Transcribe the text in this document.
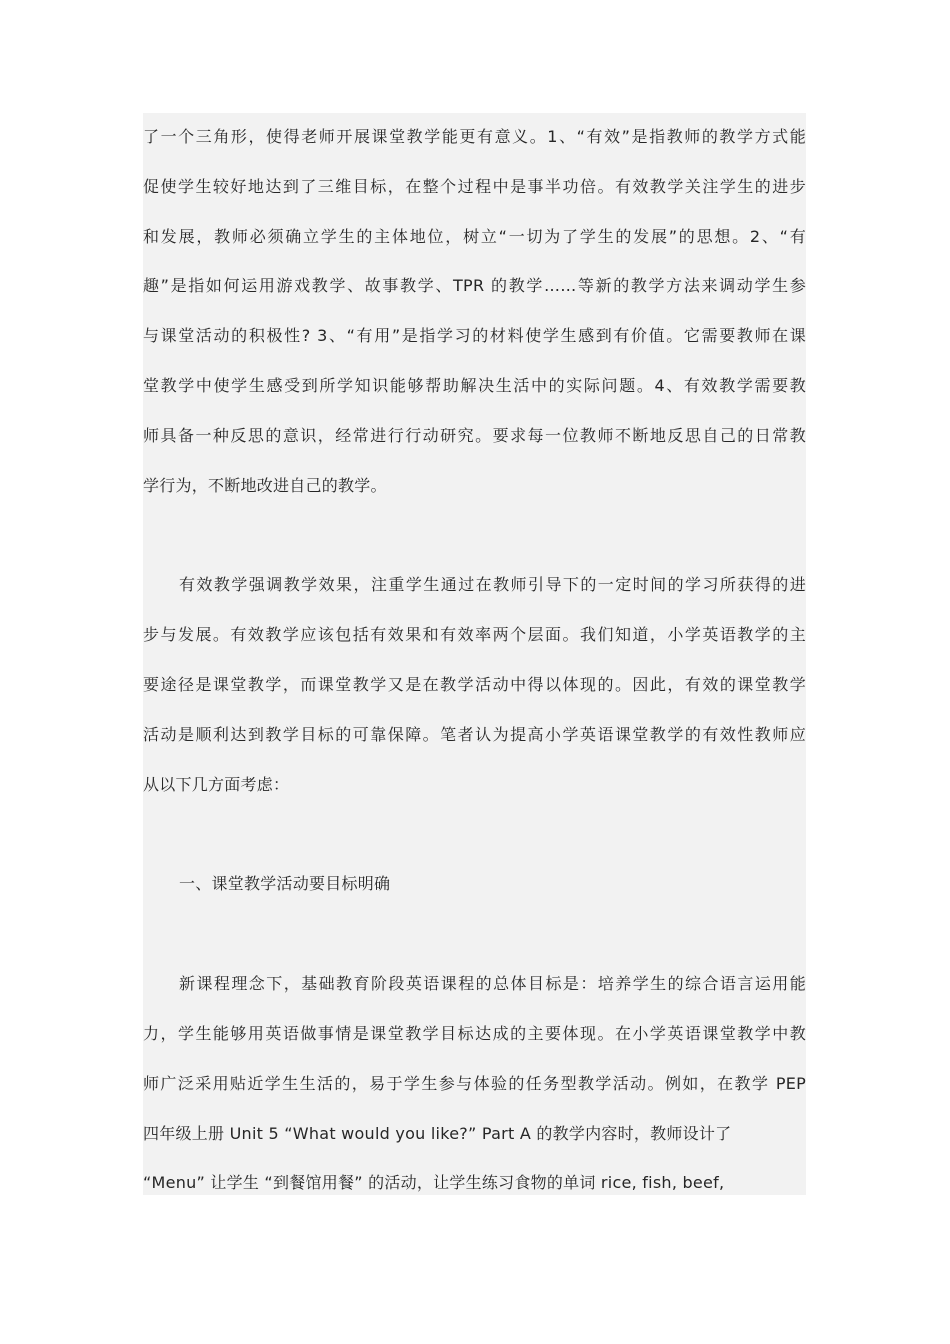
了一个三角形，使得老师开展课堂教学能更有意义。1、“有效”是指教师的教学方式能
促使学生较好地达到了三维目标，在整个过程中是事半功倍。有效教学关注学生的进步
和发展，教师必须确立学生的主体地位，树立“一切为了学生的发展”的思想。2、“有
趣”是指如何运用游戏教学、故事教学、TPR 的教学……等新的教学方法来调动学生参
与课堂活动的积极性? 3、“有用”是指学习的材料使学生感到有价值。它需要教师在课
堂教学中使学生感受到所学知识能够帮助解决生活中的实际问题。4、有效教学需要教
师具备一种反思的意识，经常进行行动研究。要求每一位教师不断地反思自己的日常教
学行为，不断地改进自己的教学。
有效教学强调教学效果，注重学生通过在教师引导下的一定时间的学习所获得的进
步与发展。有效教学应该包括有效果和有效率两个层面。我们知道，小学英语教学的主
要途径是课堂教学，而课堂教学又是在教学活动中得以体现的。因此，有效的课堂教学
活动是顺利达到教学目标的可靠保障。笔者认为提高小学英语课堂教学的有效性教师应
从以下几方面考虑：
一、课堂教学活动要目标明确
新课程理念下，基础教育阶段英语课程的总体目标是：培养学生的综合语言运用能
力，学生能够用英语做事情是课堂教学目标达成的主要体现。在小学英语课堂教学中教
师广泛采用贴近学生生活的，易于学生参与体验的任务型教学活动。例如，在教学 PEP
四年级上册 Unit 5 “What would you like?” Part A 的教学内容时，教师设计了
“Menu” 让学生 “到餐馆用餐” 的活动，让学生练习食物的单词 rice, fish, beef,
